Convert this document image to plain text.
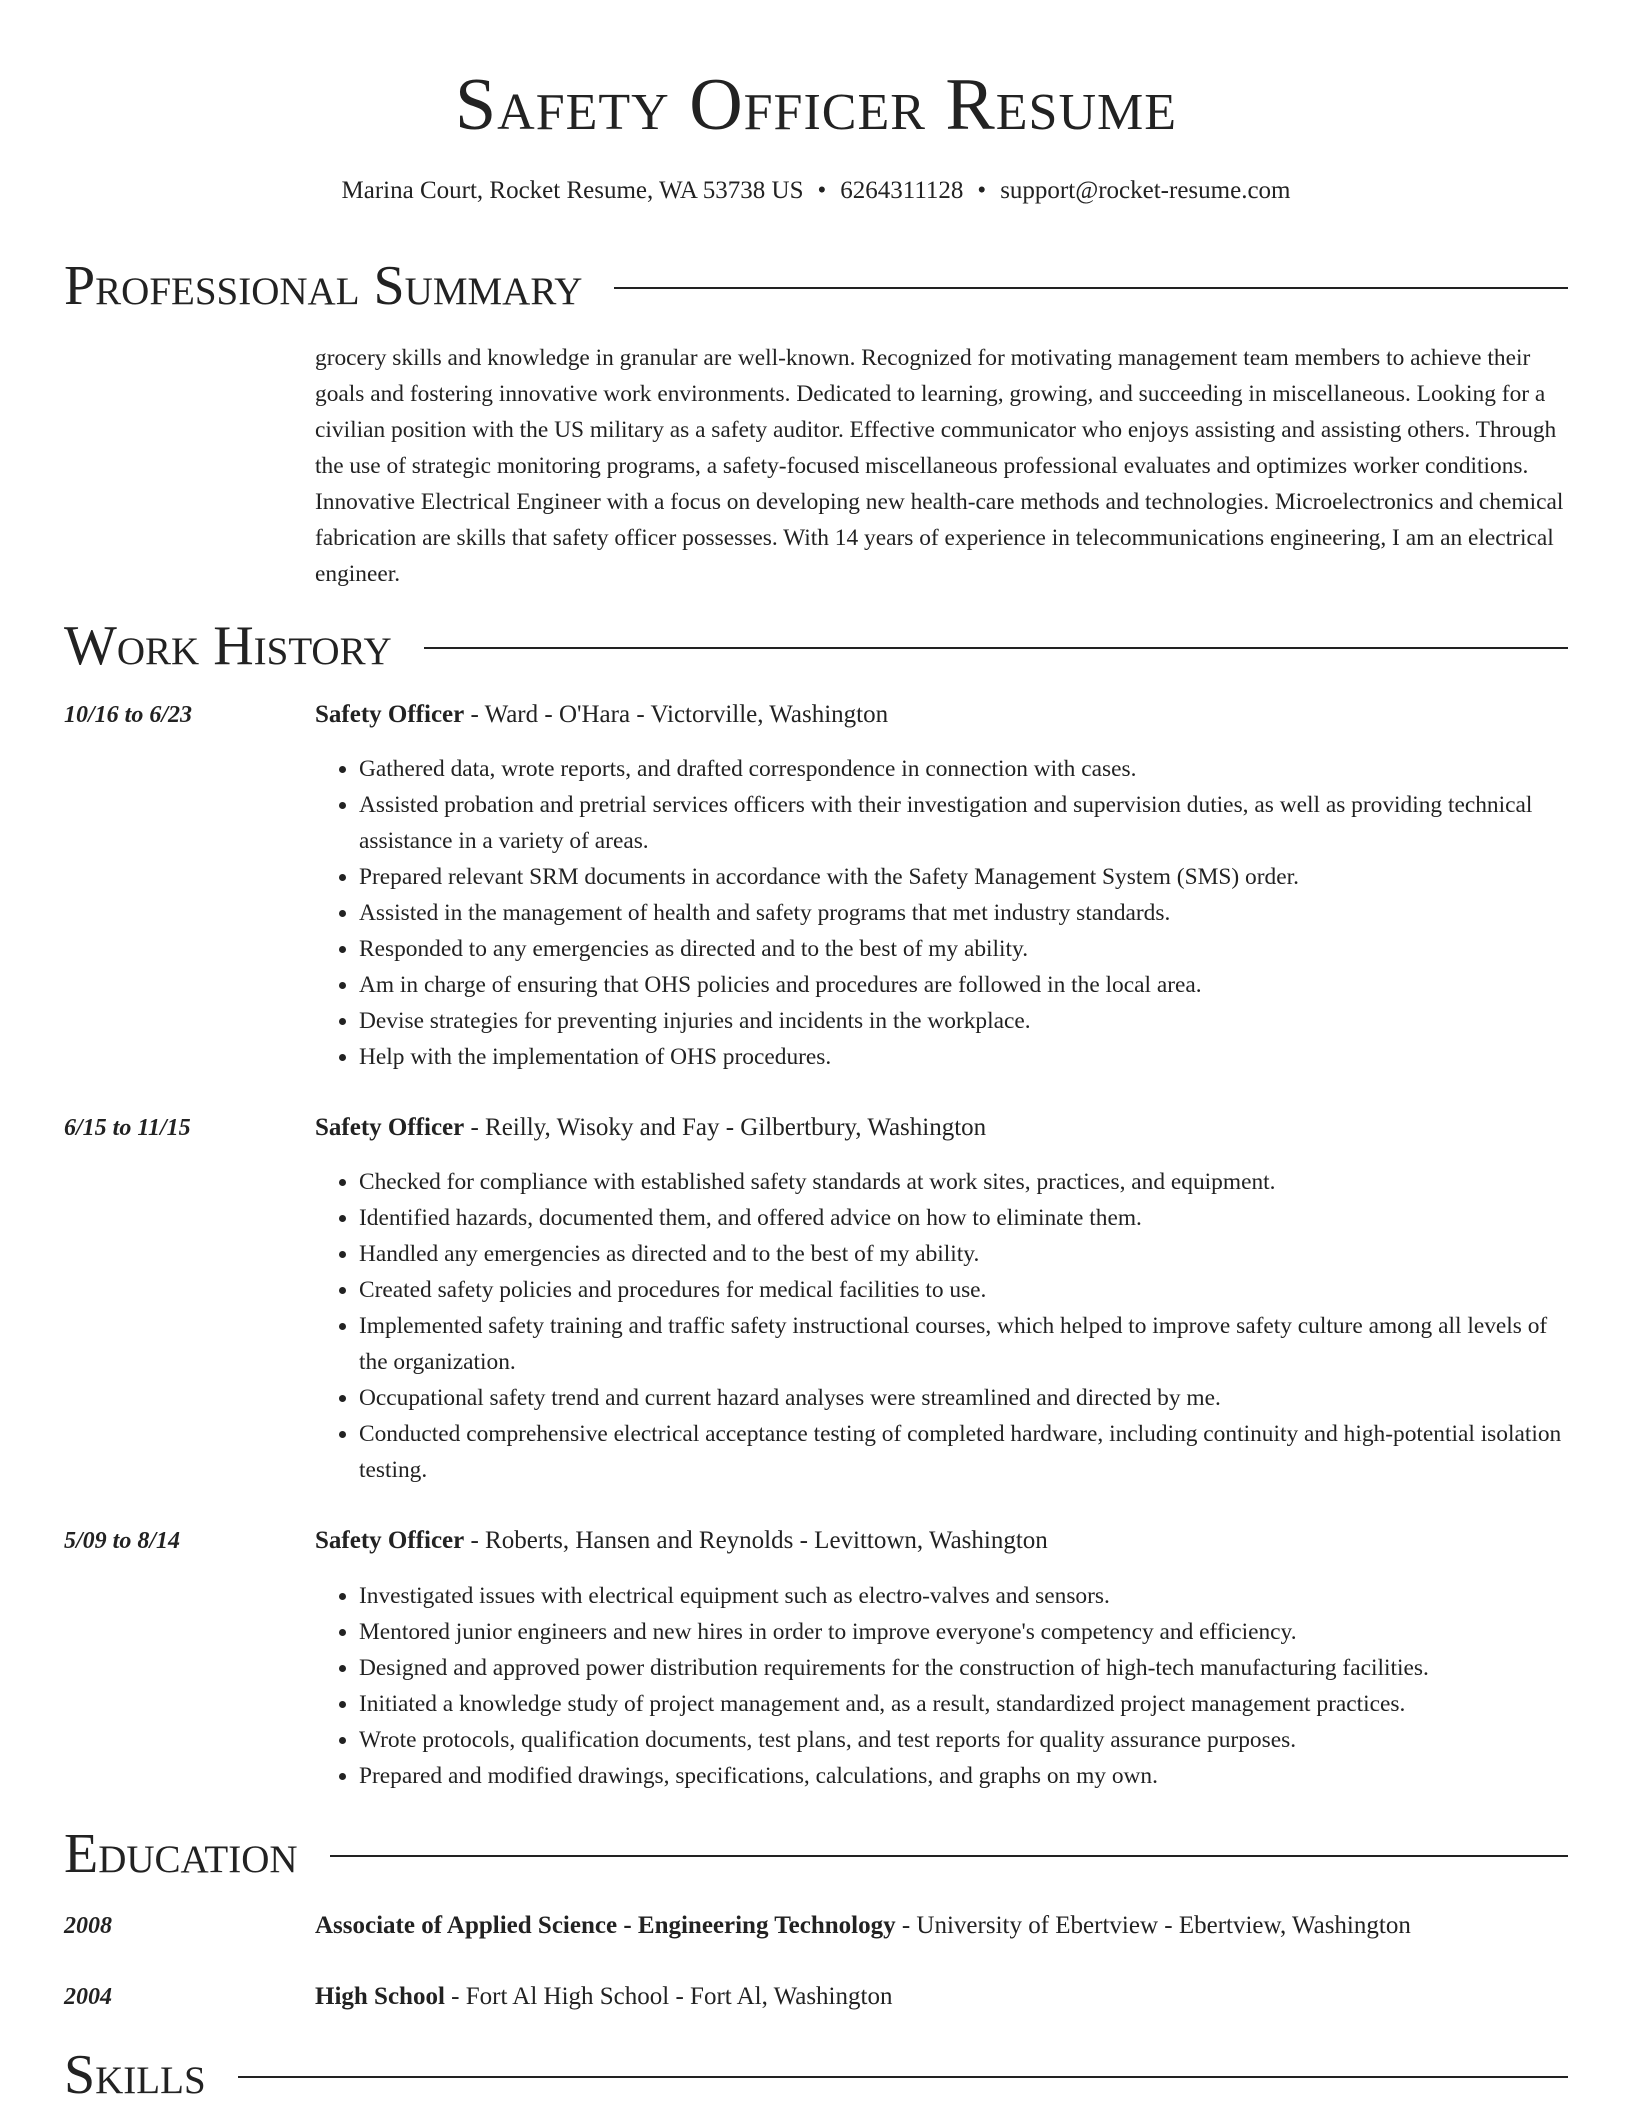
Safety Officer Resume
Marina Court, Rocket Resume, WA 53738 US • 6264311128 • support@rocket-resume.com
Professional Summary

grocery skills and knowledge in granular are well-known. Recognized for motivating management team members to achieve their goals and fostering innovative work environments. Dedicated to learning, growing, and succeeding in miscellaneous. Looking for a civilian position with the US military as a safety auditor. Effective communicator who enjoys assisting and assisting others. Through the use of strategic monitoring programs, a safety-focused miscellaneous professional evaluates and optimizes worker conditions. Innovative Electrical Engineer with a focus on developing new health-care methods and technologies. Microelectronics and chemical fabrication are skills that safety officer possesses. With 14 years of experience in telecommunications engineering, I am an electrical engineer.

Work History
10/16 to 6/23	Safety Officer - Ward - O'Hara - Victorville, Washington
• Gathered data, wrote reports, and drafted correspondence in connection with cases.
• Assisted probation and pretrial services officers with their investigation and supervision duties, as well as providing technical assistance in a variety of areas.
• Prepared relevant SRM documents in accordance with the Safety Management System (SMS) order.
• Assisted in the management of health and safety programs that met industry standards.
• Responded to any emergencies as directed and to the best of my ability.
• Am in charge of ensuring that OHS policies and procedures are followed in the local area.
• Devise strategies for preventing injuries and incidents in the workplace.
• Help with the implementation of OHS procedures.
6/15 to 11/15	Safety Officer - Reilly, Wisoky and Fay - Gilbertbury, Washington
• Checked for compliance with established safety standards at work sites, practices, and equipment.
• Identified hazards, documented them, and offered advice on how to eliminate them.
• Handled any emergencies as directed and to the best of my ability.
• Created safety policies and procedures for medical facilities to use.
• Implemented safety training and traffic safety instructional courses, which helped to improve safety culture among all levels of the organization.
• Occupational safety trend and current hazard analyses were streamlined and directed by me.
• Conducted comprehensive electrical acceptance testing of completed hardware, including continuity and high-potential isolation testing.
5/09 to 8/14	Safety Officer - Roberts, Hansen and Reynolds - Levittown, Washington
• Investigated issues with electrical equipment such as electro-valves and sensors.
• Mentored junior engineers and new hires in order to improve everyone's competency and efficiency.
• Designed and approved power distribution requirements for the construction of high-tech manufacturing facilities.
• Initiated a knowledge study of project management and, as a result, standardized project management practices.
• Wrote protocols, qualification documents, test plans, and test reports for quality assurance purposes.
• Prepared and modified drawings, specifications, calculations, and graphs on my own.
Education
2008	Associate of Applied Science - Engineering Technology - University of Ebertview - Ebertview, Washington
2004	High School - Fort Al High School - Fort Al, Washington
Skills
